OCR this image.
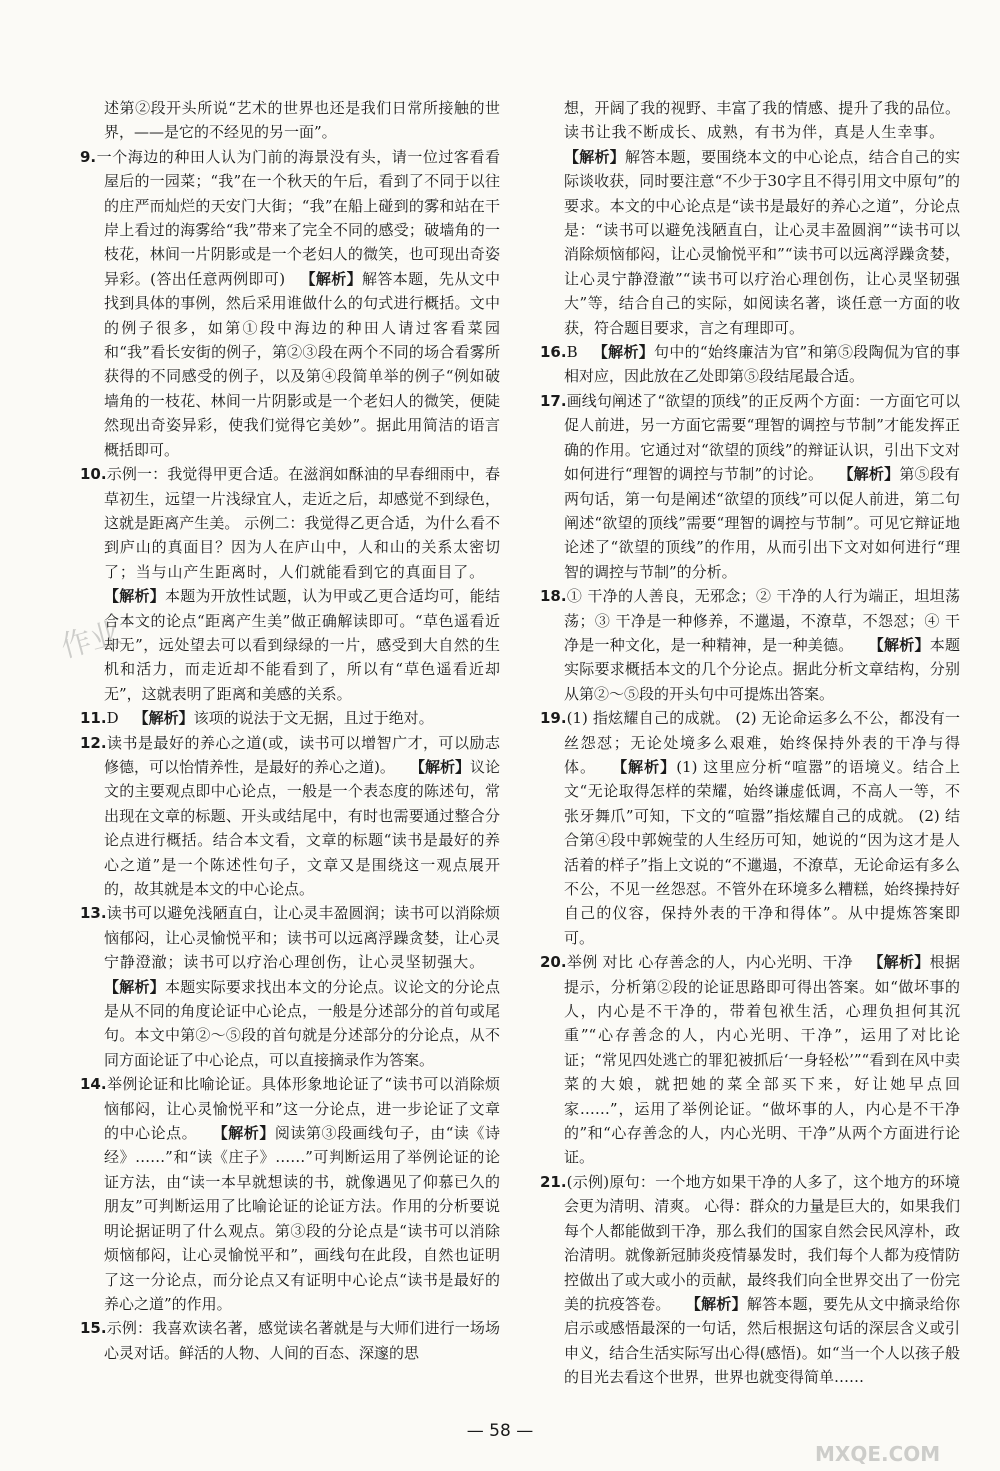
述第②段开头所说“艺术的世界也还是我们日常所接触的世界，——是它的不经见的另一面”。

9.一个海边的种田人认为门前的海景没有头，请一位过客看看屋后的一园菜；“我”在一个秋天的午后，看到了不同于以往的庄严而灿烂的天安门大街；“我”在船上碰到的雾和站在干岸上看过的海雾给“我”带来了完全不同的感受；破墙角的一枝花，林间一片阴影或是一个老妇人的微笑，也可现出奇姿异彩。(答出任意两例即可)  【解析】解答本题，先从文中找到具体的事例，然后采用谁做什么的句式进行概括。文中的例子很多，如第①段中海边的种田人请过客看菜园和“我”看长安街的例子，第②③段在两个不同的场合看雾所获得的不同感受的例子，以及第④段简单举的例子“例如破墙角的一枝花、林间一片阴影或是一个老妇人的微笑，便陡然现出奇姿异彩，使我们觉得它美妙”。据此用简洁的语言概括即可。

10.示例一：我觉得甲更合适。在滋润如酥油的早春细雨中，春草初生，远望一片浅绿宜人，走近之后，却感觉不到绿色，这就是距离产生美。 示例二：我觉得乙更合适，为什么看不到庐山的真面目？因为人在庐山中，人和山的关系太密切了；当与山产生距离时，人们就能看到它的真面目了。 【解析】本题为开放性试题，认为甲或乙更合适均可，能结合本文的论点“距离产生美”做正确解读即可。“草色遥看近却无”，远处望去可以看到绿绿的一片，感受到大自然的生机和活力，而走近却不能看到了，所以有“草色遥看近却无”，这就表明了距离和美感的关系。

11.D  【解析】该项的说法于文无据，且过于绝对。

12.读书是最好的养心之道(或，读书可以增智广才，可以励志修德，可以怡情养性，是最好的养心之道)。  【解析】议论文的主要观点即中心论点，一般是一个表态度的陈述句，常出现在文章的标题、开头或结尾中，有时也需要通过整合分论点进行概括。结合本文看，文章的标题“读书是最好的养心之道”是一个陈述性句子，文章又是围绕这一观点展开的，故其就是本文的中心论点。

13.读书可以避免浅陋直白，让心灵丰盈圆润；读书可以消除烦恼郁闷，让心灵愉悦平和；读书可以远离浮躁贪婪，让心灵宁静澄澈；读书可以疗治心理创伤，让心灵坚韧强大。 【解析】本题实际要求找出本文的分论点。议论文的分论点是从不同的角度论证中心论点，一般是分述部分的首句或尾句。本文中第②～⑤段的首句就是分述部分的分论点，从不同方面论证了中心论点，可以直接摘录作为答案。

14.举例论证和比喻论证。具体形象地论证了“读书可以消除烦恼郁闷，让心灵愉悦平和”这一分论点，进一步论证了文章的中心论点。  【解析】阅读第③段画线句子，由“读《诗经》……”和“读《庄子》……”可判断运用了举例论证的论证方法，由“读一本早就想读的书，就像遇见了仰慕已久的朋友”可判断运用了比喻论证的论证方法。作用的分析要说明论据证明了什么观点。第③段的分论点是“读书可以消除烦恼郁闷，让心灵愉悦平和”，画线句在此段，自然也证明了这一分论点，而分论点又有证明中心论点“读书是最好的养心之道”的作用。

15.示例：我喜欢读名著，感觉读名著就是与大师们进行一场场心灵对话。鲜活的人物、人间的百态、深邃的思

想，开阔了我的视野、丰富了我的情感、提升了我的品位。读书让我不断成长、成熟，有书为伴，真是人生幸事。 【解析】解答本题，要围绕本文的中心论点，结合自己的实际谈收获，同时要注意“不少于30字且不得引用文中原句”的要求。本文的中心论点是“读书是最好的养心之道”，分论点是：“读书可以避免浅陋直白，让心灵丰盈圆润”“读书可以消除烦恼郁闷，让心灵愉悦平和”“读书可以远离浮躁贪婪，让心灵宁静澄澈”“读书可以疗治心理创伤，让心灵坚韧强大”等，结合自己的实际，如阅读名著，谈任意一方面的收获，符合题目要求，言之有理即可。

16.B  【解析】句中的“始终廉洁为官”和第⑤段陶侃为官的事相对应，因此放在乙处即第⑤段结尾最合适。

17.画线句阐述了“欲望的顶线”的正反两个方面：一方面它可以促人前进，另一方面它需要“理智的调控与节制”才能发挥正确的作用。它通过对“欲望的顶线”的辩证认识，引出下文对如何进行“理智的调控与节制”的讨论。  【解析】第⑤段有两句话，第一句是阐述“欲望的顶线”可以促人前进，第二句阐述“欲望的顶线”需要“理智的调控与节制”。可见它辩证地论述了“欲望的顶线”的作用，从而引出下文对如何进行“理智的调控与节制”的分析。

18.① 干净的人善良，无邪念；② 干净的人行为端正，坦坦荡荡；③ 干净是一种修养，不邋遢，不潦草，不怨怼；④ 干净是一种文化，是一种精神，是一种美德。  【解析】本题实际要求概括本文的几个分论点。据此分析文章结构，分别从第②～⑤段的开头句中可提炼出答案。

19.(1) 指炫耀自己的成就。 (2) 无论命运多么不公，都没有一丝怨怼；无论处境多么艰难，始终保持外表的干净与得体。  【解析】(1) 这里应分析“喧嚣”的语境义。结合上文“无论取得怎样的荣耀，始终谦虚低调，不高人一等，不张牙舞爪”可知，下文的“喧嚣”指炫耀自己的成就。 (2) 结合第④段中郭婉莹的人生经历可知，她说的“因为这才是人活着的样子”指上文说的“不邋遢，不潦草，无论命运有多么不公，不见一丝怨怼。不管外在环境多么糟糕，始终操持好自己的仪容，保持外表的干净和得体”。从中提炼答案即可。

20.举例 对比 心存善念的人，内心光明、干净  【解析】根据提示，分析第②段的论证思路即可得出答案。如“做坏事的人，内心是不干净的，带着包袱生活，心理负担何其沉重”“心存善念的人，内心光明、干净”，运用了对比论证；“常见四处逃亡的罪犯被抓后‘一身轻松’”“看到在风中卖菜的大娘，就把她的菜全部买下来，好让她早点回家……”，运用了举例论证。“做坏事的人，内心是不干净的”和“心存善念的人，内心光明、干净”从两个方面进行论证。

21.(示例)原句：一个地方如果干净的人多了，这个地方的环境会更为清明、清爽。 心得：群众的力量是巨大的，如果我们每个人都能做到干净，那么我们的国家自然会民风淳朴，政治清明。就像新冠肺炎疫情暴发时，我们每个人都为疫情防控做出了或大或小的贡献，最终我们向全世界交出了一份完美的抗疫答卷。  【解析】解答本题，要先从文中摘录给你启示或感悟最深的一句话，然后根据这句话的深层含义或引申义，结合生活实际写出心得(感悟)。如“当一个人以孩子般的目光去看这个世界，世界也就变得简单……

— 58 —
作业
MXQE.COM
